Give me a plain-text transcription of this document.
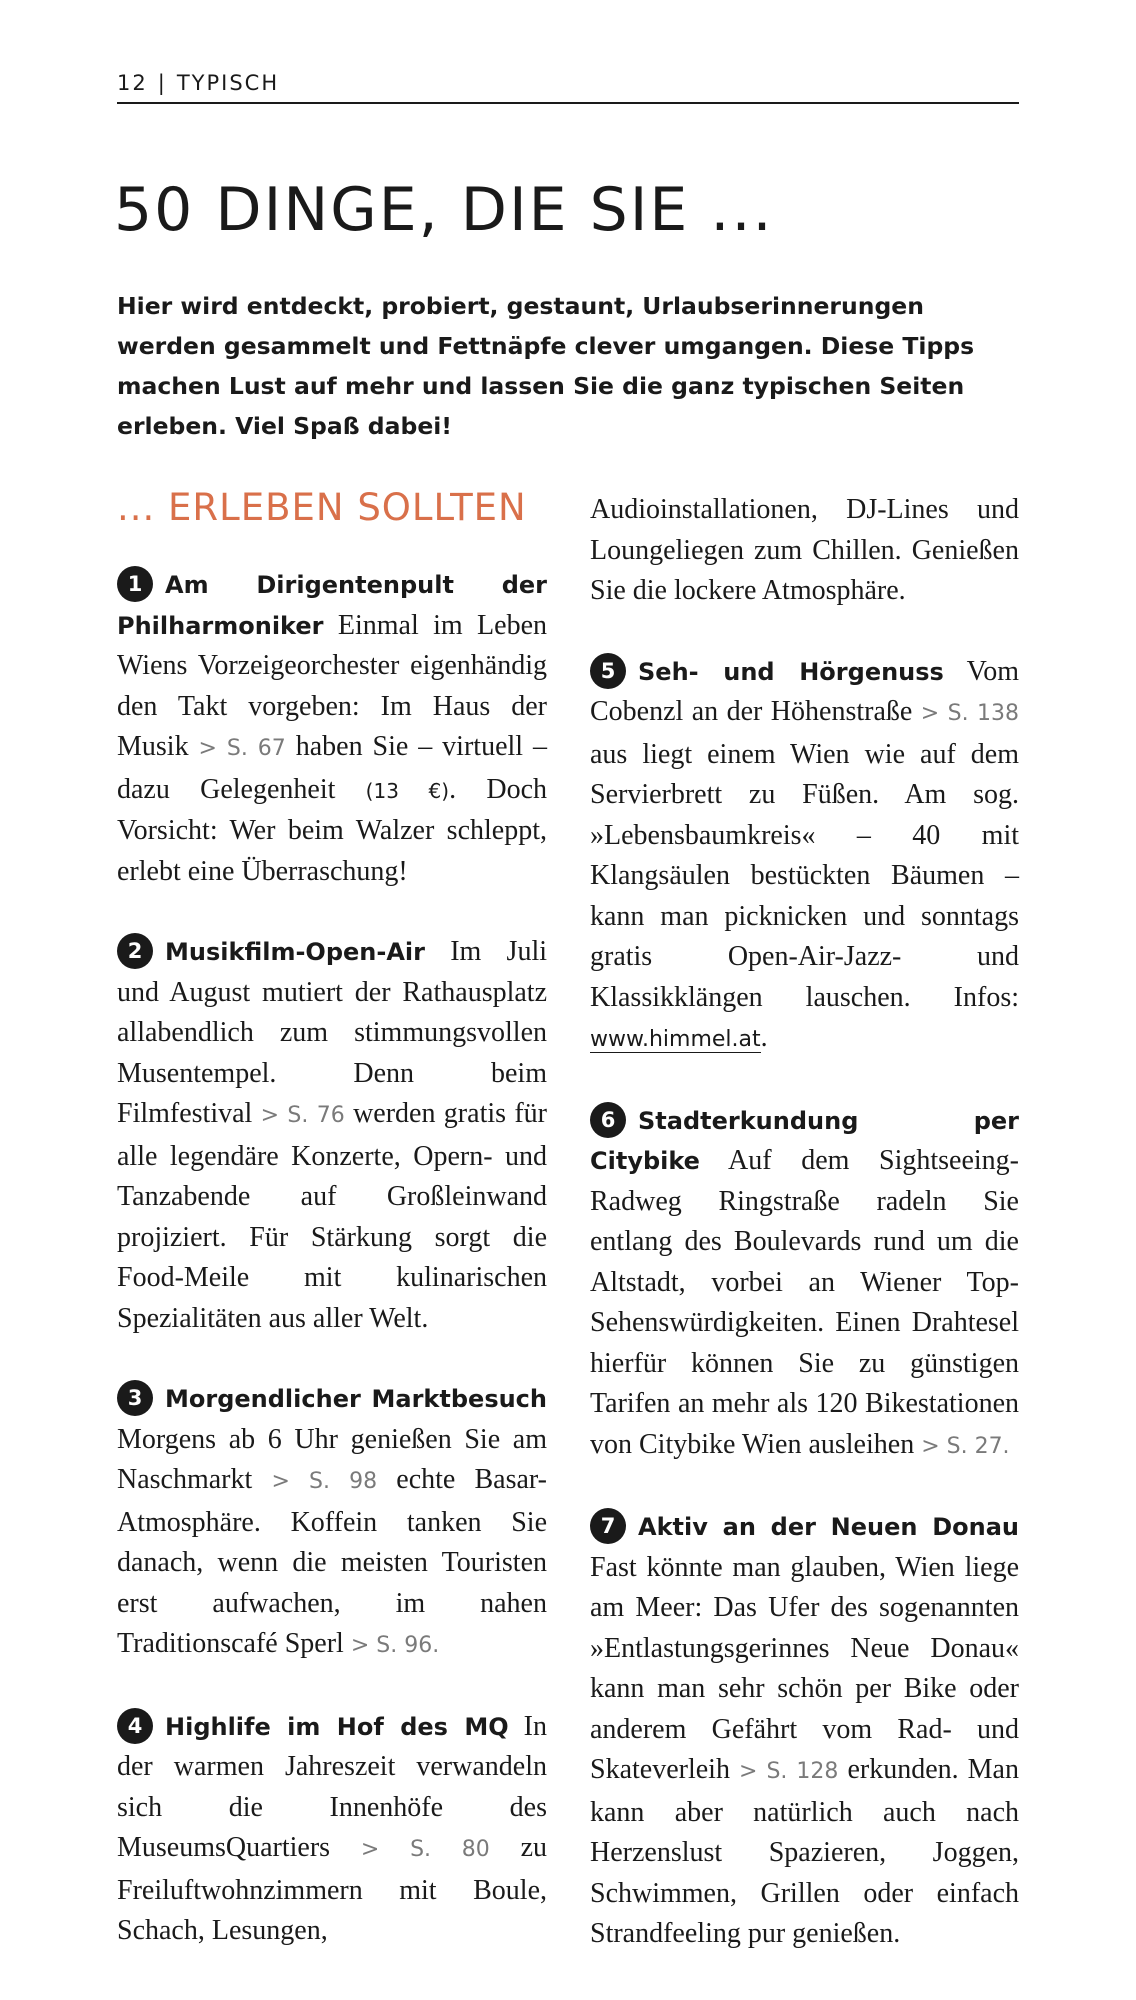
12 | TYPISCH
50 DINGE, DIE SIE ...

Hier wird entdeckt, probiert, gestaunt, Urlaubserinnerungen werden gesammelt und Fettnäpfe clever umgangen. Diese Tipps machen Lust auf mehr und lassen Sie die ganz typischen Seiten erleben. Viel Spaß dabei!

... ERLEBEN SOLLTEN

1 Am Dirigentenpult der Philharmoniker Einmal im Leben Wiens Vorzeigeorchester eigenhändig den Takt vorgeben: Im Haus der Musik > S. 67 haben Sie – virtuell – dazu Gelegenheit (13 €). Doch Vorsicht: Wer beim Walzer schleppt, erlebt eine Überraschung!

2 Musikfilm-Open-Air Im Juli und August mutiert der Rathausplatz allabendlich zum stimmungsvollen Musentempel. Denn beim Filmfestival > S. 76 werden gratis für alle legendäre Konzerte, Opern- und Tanzabende auf Großleinwand projiziert. Für Stärkung sorgt die Food-Meile mit kulinarischen Spezialitäten aus aller Welt.

3 Morgendlicher Marktbesuch Morgens ab 6 Uhr genießen Sie am Naschmarkt > S. 98 echte Basar-Atmosphäre. Koffein tanken Sie danach, wenn die meisten Touristen erst aufwachen, im nahen Traditionscafé Sperl > S. 96.

4 Highlife im Hof des MQ In der warmen Jahreszeit verwandeln sich die Innenhöfe des MuseumsQuartiers > S. 80 zu Freiluftwohnzimmern mit Boule, Schach, Lesungen,

Audioinstallationen, DJ-Lines und Loungeliegen zum Chillen. Genießen Sie die lockere Atmosphäre.

5 Seh- und Hörgenuss Vom Cobenzl an der Höhenstraße > S. 138 aus liegt einem Wien wie auf dem Servierbrett zu Füßen. Am sog. »Lebensbaumkreis« – 40 mit Klangsäulen bestückten Bäumen – kann man picknicken und sonntags gratis Open-Air-Jazz- und Klassikklängen lauschen. Infos: www.himmel.at.

6 Stadterkundung per Citybike Auf dem Sightseeing-Radweg Ringstraße radeln Sie entlang des Boulevards rund um die Altstadt, vorbei an Wiener Top-Sehenswürdigkeiten. Einen Drahtesel hierfür können Sie zu günstigen Tarifen an mehr als 120 Bikestationen von Citybike Wien ausleihen > S. 27.

7 Aktiv an der Neuen Donau Fast könnte man glauben, Wien liege am Meer: Das Ufer des sogenannten »Entlastungsgerinnes Neue Donau« kann man sehr schön per Bike oder anderem Gefährt vom Rad- und Skateverleih > S. 128 erkunden. Man kann aber natürlich auch nach Herzenslust Spazieren, Joggen, Schwimmen, Grillen oder einfach Strandfeeling pur genießen.
